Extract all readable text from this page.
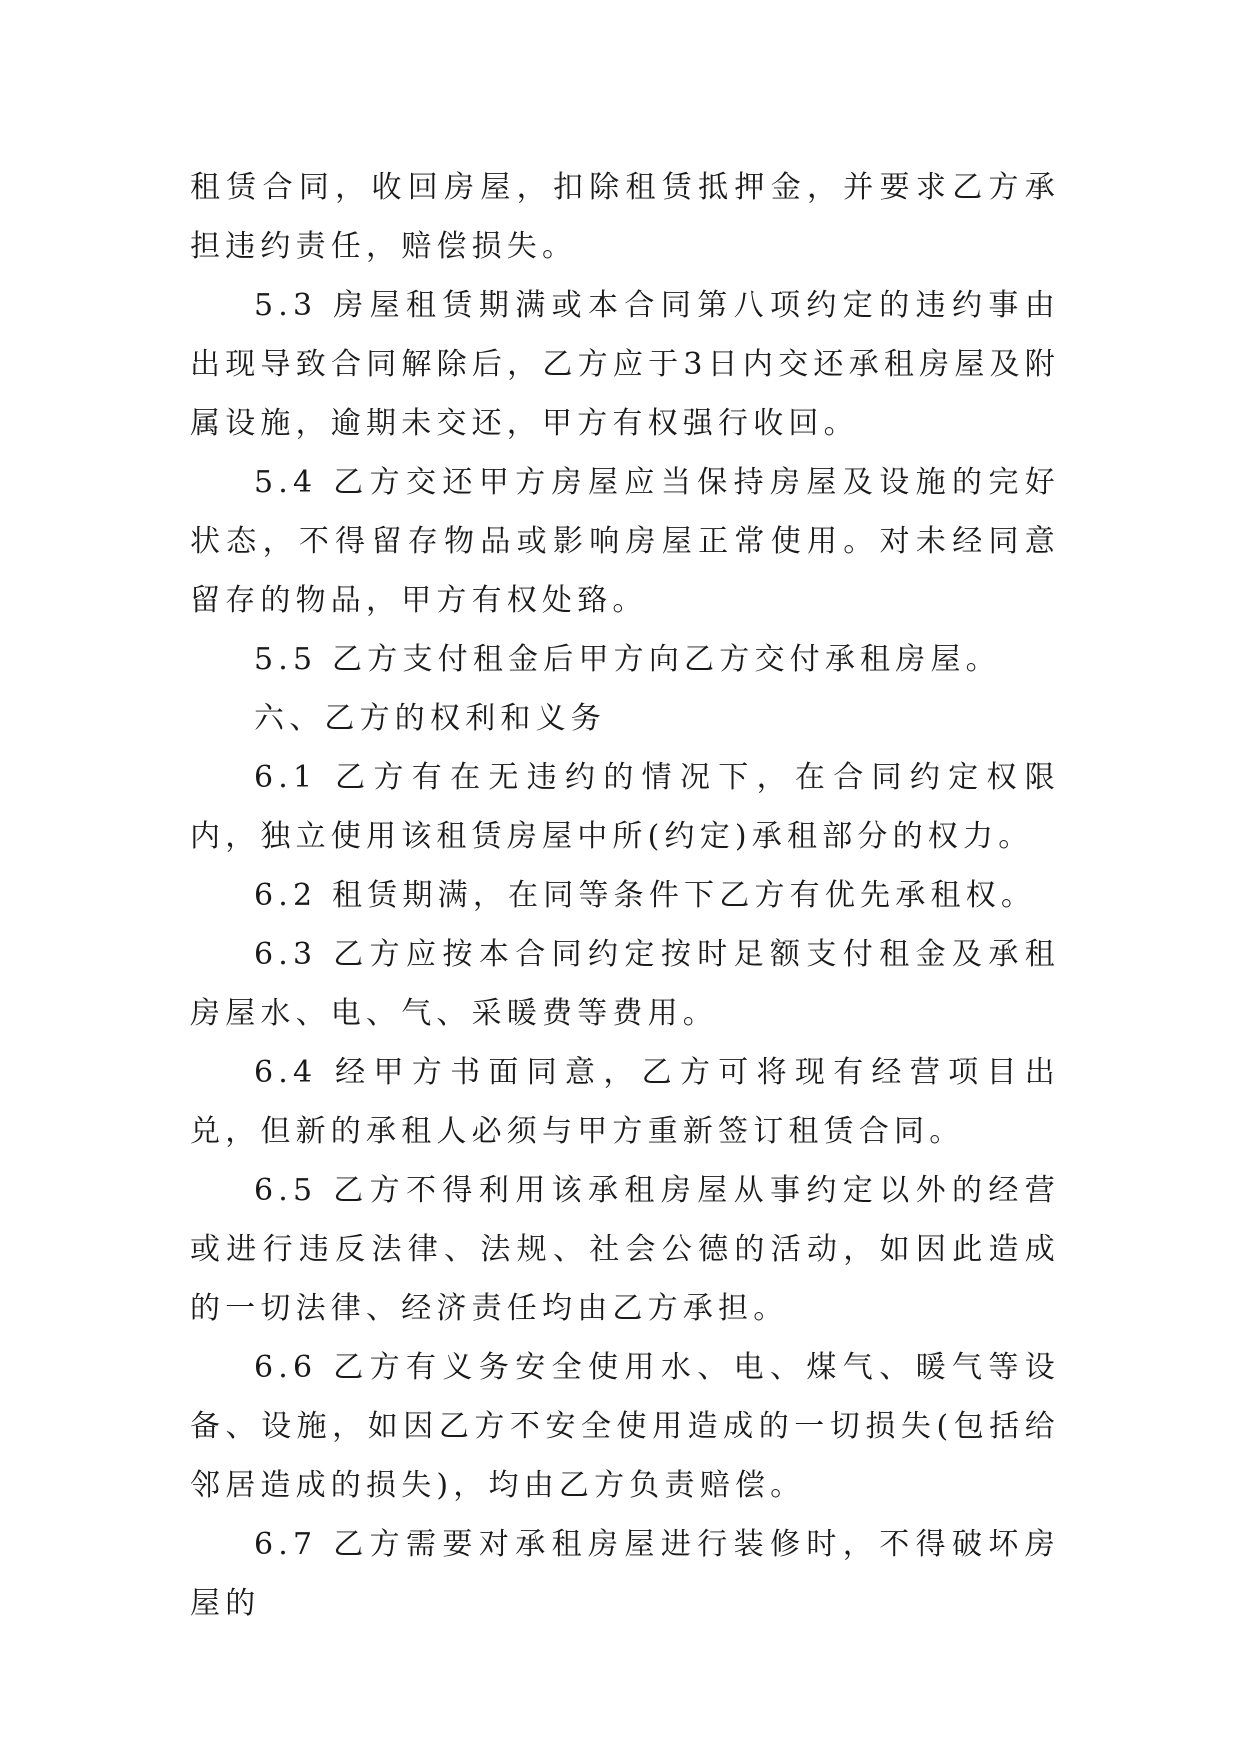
租赁合同，收回房屋，扣除租赁抵押金，并要求乙方承担违约责任，赔偿损失。

5.3 房屋租赁期满或本合同第八项约定的违约事由出现导致合同解除后，乙方应于3日内交还承租房屋及附属设施，逾期未交还，甲方有权强行收回。

5.4 乙方交还甲方房屋应当保持房屋及设施的完好状态，不得留存物品或影响房屋正常使用。对未经同意留存的物品，甲方有权处臵。

5.5 乙方支付租金后甲方向乙方交付承租房屋。

六、乙方的权利和义务

6.1 乙方有在无违约的情况下，在合同约定权限内，独立使用该租赁房屋中所(约定)承租部分的权力。

6.2 租赁期满，在同等条件下乙方有优先承租权。

6.3 乙方应按本合同约定按时足额支付租金及承租房屋水、电、气、采暖费等费用。

6.4 经甲方书面同意，乙方可将现有经营项目出兑，但新的承租人必须与甲方重新签订租赁合同。

6.5 乙方不得利用该承租房屋从事约定以外的经营或进行违反法律、法规、社会公德的活动，如因此造成的一切法律、经济责任均由乙方承担。

6.6 乙方有义务安全使用水、电、煤气、暖气等设备、设施，如因乙方不安全使用造成的一切损失(包括给邻居造成的损失)，均由乙方负责赔偿。

6.7 乙方需要对承租房屋进行装修时，不得破坏房屋的
